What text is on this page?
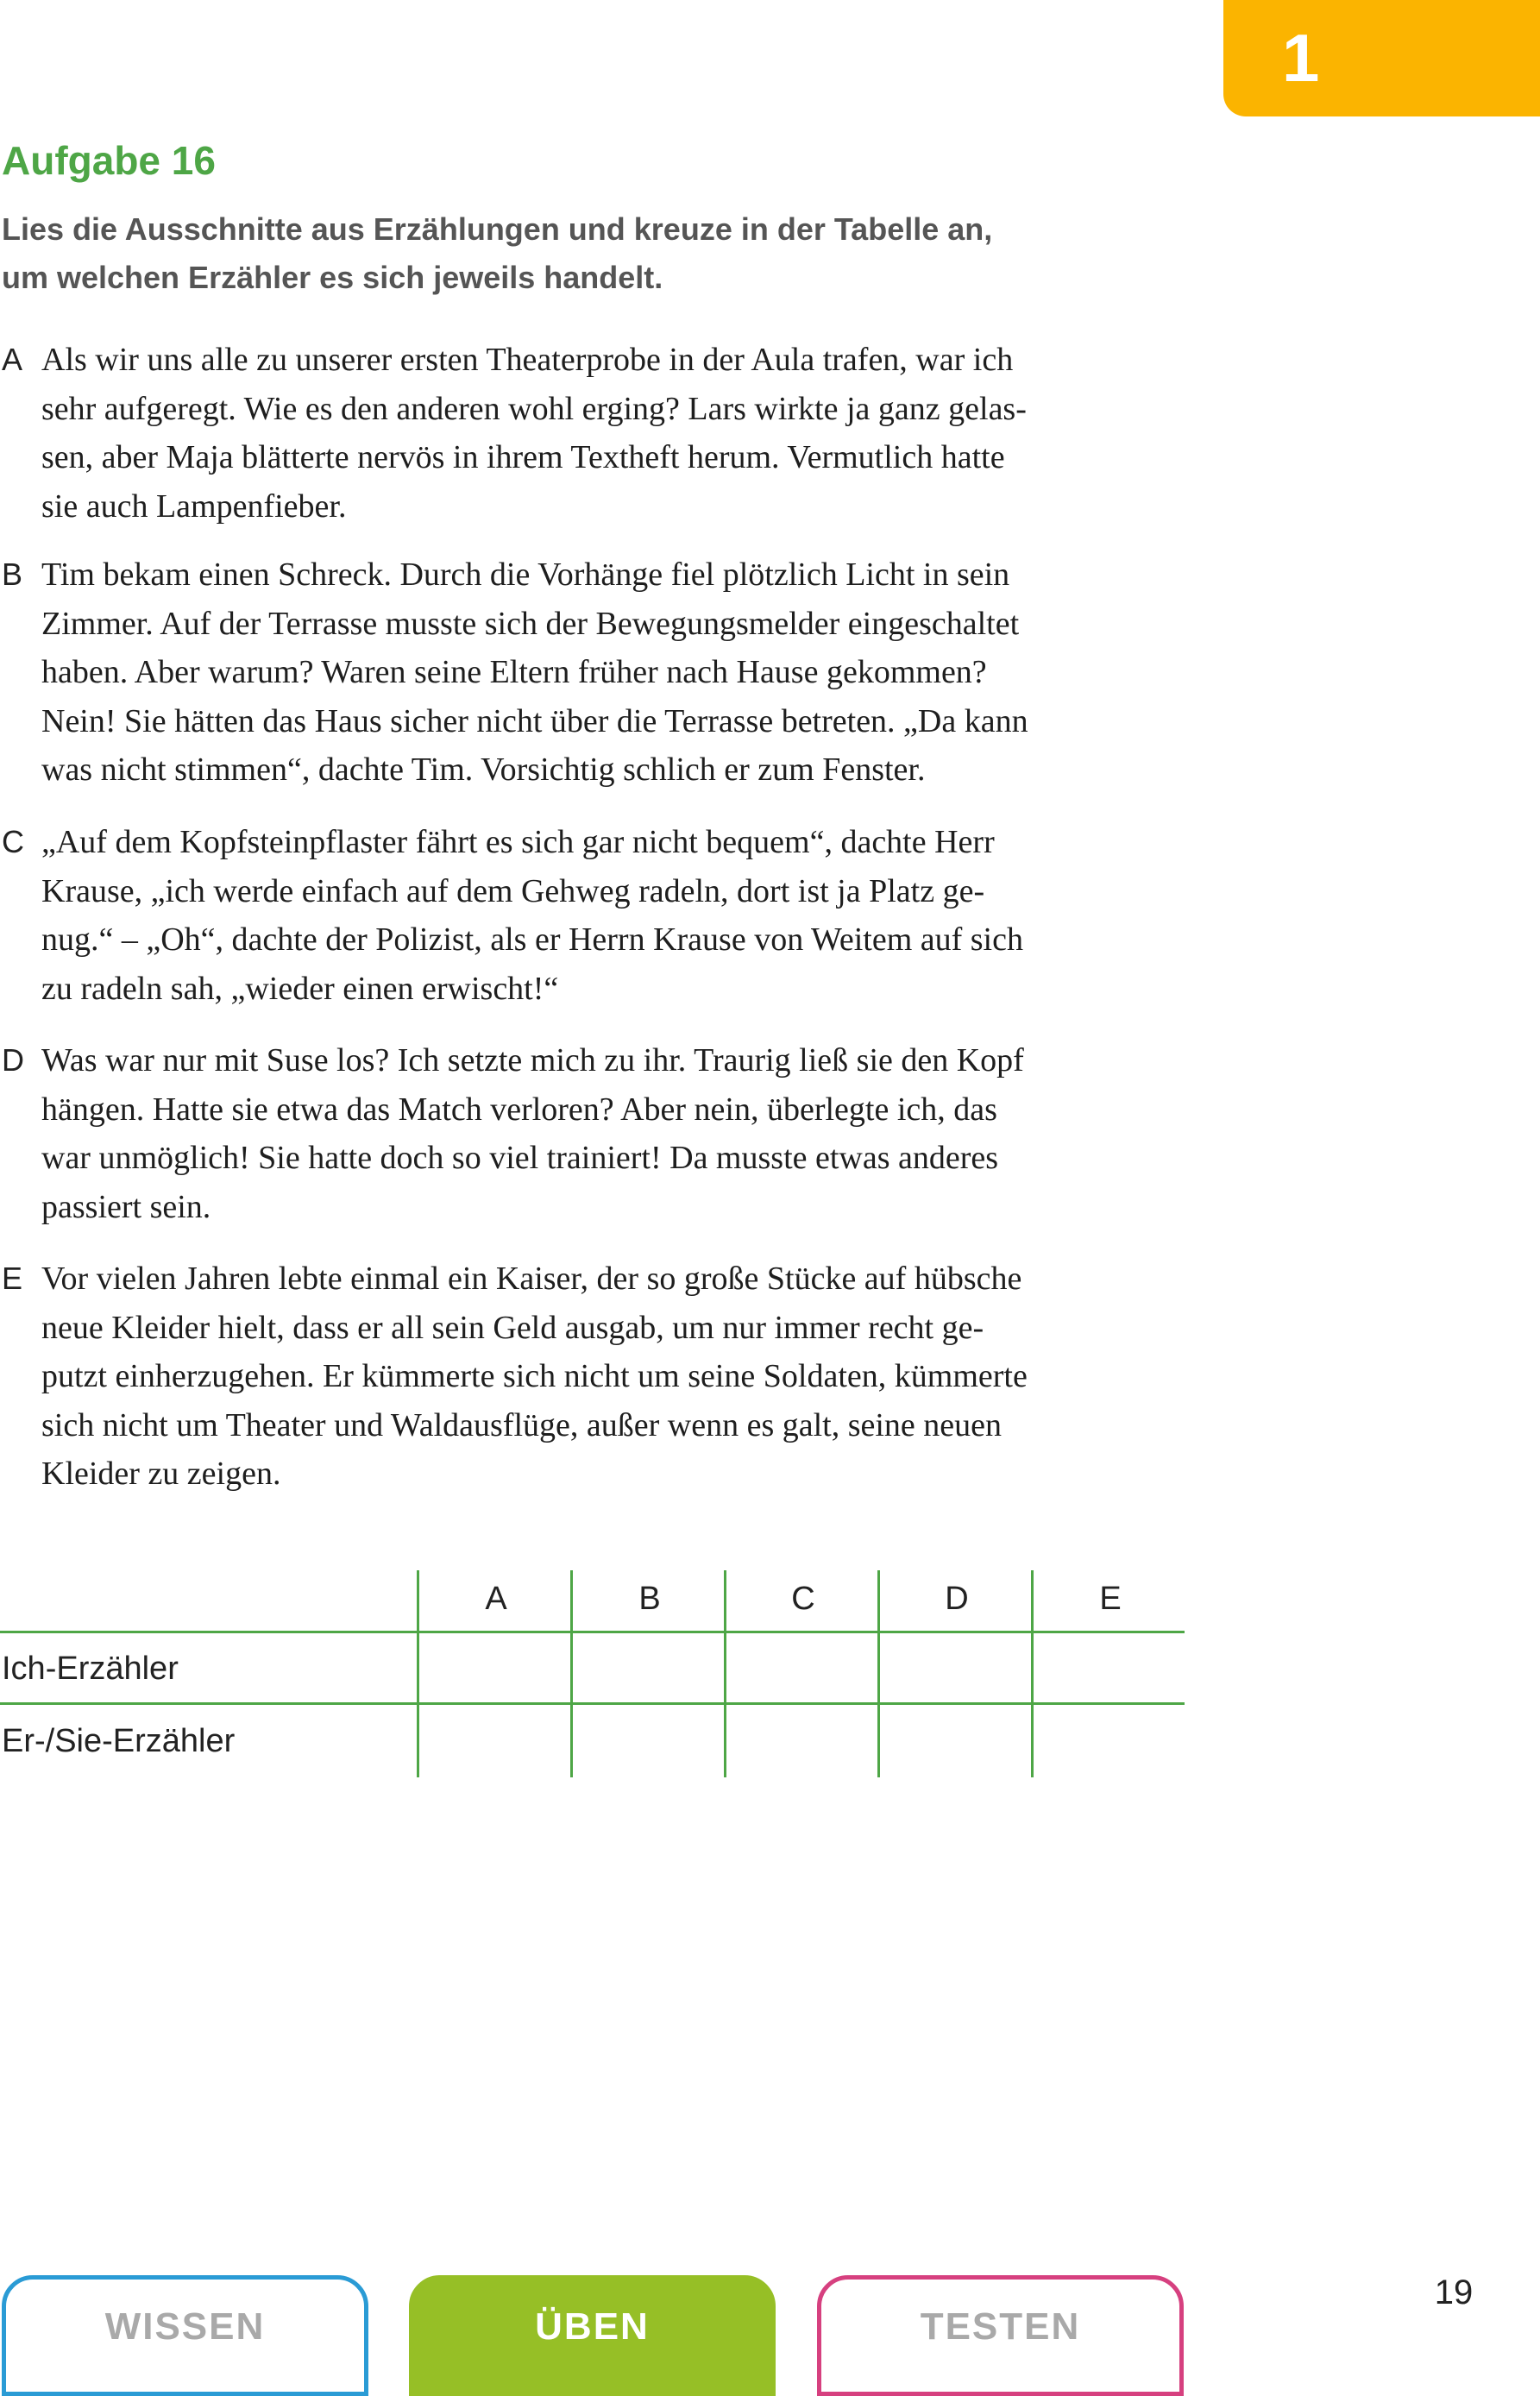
1
Aufgabe 16

Lies die Ausschnitte aus Erzählungen und kreuze in der Tabelle an,
um welchen Erzähler es sich jeweils handelt.

A Als wir uns alle zu unserer ersten Theaterprobe in der Aula trafen, war ich
sehr aufgeregt. Wie es den anderen wohl erging? Lars wirkte ja ganz gelas-
sen, aber Maja blätterte nervös in ihrem Textheft herum. Vermutlich hatte
sie auch Lampenfieber.

B Tim bekam einen Schreck. Durch die Vorhänge fiel plötzlich Licht in sein
Zimmer. Auf der Terrasse musste sich der Bewegungsmelder eingeschaltet
haben. Aber warum? Waren seine Eltern früher nach Hause gekommen?
Nein! Sie hätten das Haus sicher nicht über die Terrasse betreten. „Da kann
was nicht stimmen“, dachte Tim. Vorsichtig schlich er zum Fenster.

C „Auf dem Kopfsteinpflaster fährt es sich gar nicht bequem“, dachte Herr
Krause, „ich werde einfach auf dem Gehweg radeln, dort ist ja Platz ge-
nug.“ – „Oh“, dachte der Polizist, als er Herrn Krause von Weitem auf sich
zu radeln sah, „wieder einen erwischt!“

D Was war nur mit Suse los? Ich setzte mich zu ihr. Traurig ließ sie den Kopf
hängen. Hatte sie etwa das Match verloren? Aber nein, überlegte ich, das
war unmöglich! Sie hatte doch so viel trainiert! Da musste etwas anderes
passiert sein.

E Vor vielen Jahren lebte einmal ein Kaiser, der so große Stücke auf hübsche
neue Kleider hielt, dass er all sein Geld ausgab, um nur immer recht ge-
putzt einherzugehen. Er kümmerte sich nicht um seine Soldaten, kümmerte
sich nicht um Theater und Waldausflüge, außer wenn es galt, seine neuen
Kleider zu zeigen.

A	B	C	D	E
Ich-Erzähler
Er-/Sie-Erzähler
WISSEN	ÜBEN	TESTEN
19
